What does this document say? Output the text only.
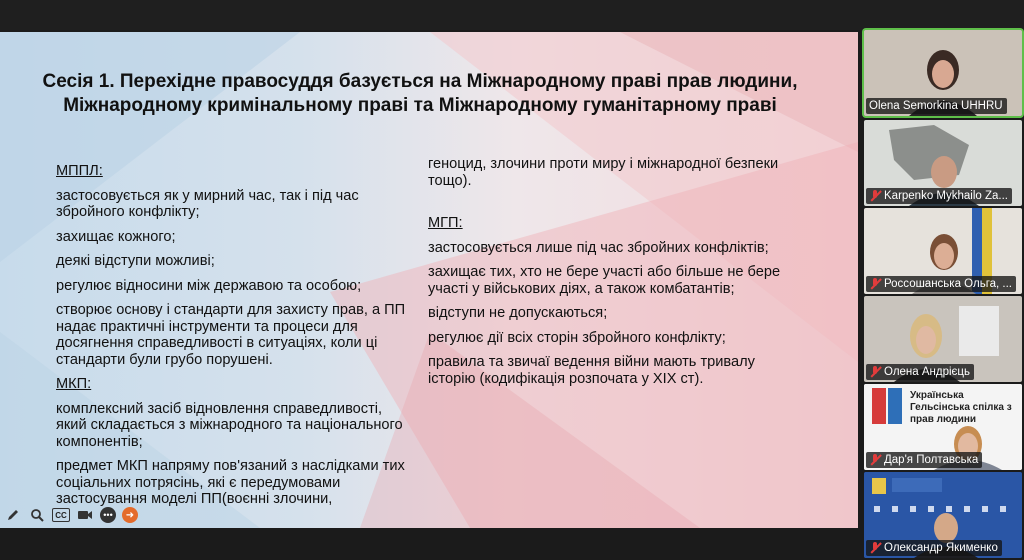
Сесія 1. Перехідне правосуддя базується на Міжнародному праві прав людини, Міжнародному кримінальному праві та Міжнародному гуманітарному праві

МППЛ:

застосовується як у мирний час, так і під час збройного конфлікту;

захищає кожного;

деякі відступи можливі;

регулює відносини між державою та особою;

створює основу і стандарти для захисту прав, а ПП надає практичні інструменти та процеси для досягнення справедливості в ситуаціях, коли ці стандарти були грубо порушені.

МКП:

комплексний засіб відновлення справедливості, який складається з міжнародного та національного компонентів;

предмет МКП напряму пов'язаний з наслідками тих соціальних потрясінь, які є передумовами застосування моделі ПП(воєнні злочини,

геноцид, злочини проти миру і міжнародної безпеки тощо).

МГП:

застосовується лише під час збройних конфліктів;

захищає тих, хто не бере участі або більше не бере участі у військових діях, а також комбатантів;

відступи не допускаються;

регулює дії всіх сторін збройного конфлікту;

правила та звичаї ведення війни мають тривалу історію (кодифікація розпочата у XIX ст).

CC	•••	➜
Olena Semorkina UHHRU
Karpenko Mykhailo Za...
Россошанська Ольга, ...
Олена Андрієць
Українська Гельсінська спілка з прав людини
Дар'я Полтавська
Олександр Якименко
